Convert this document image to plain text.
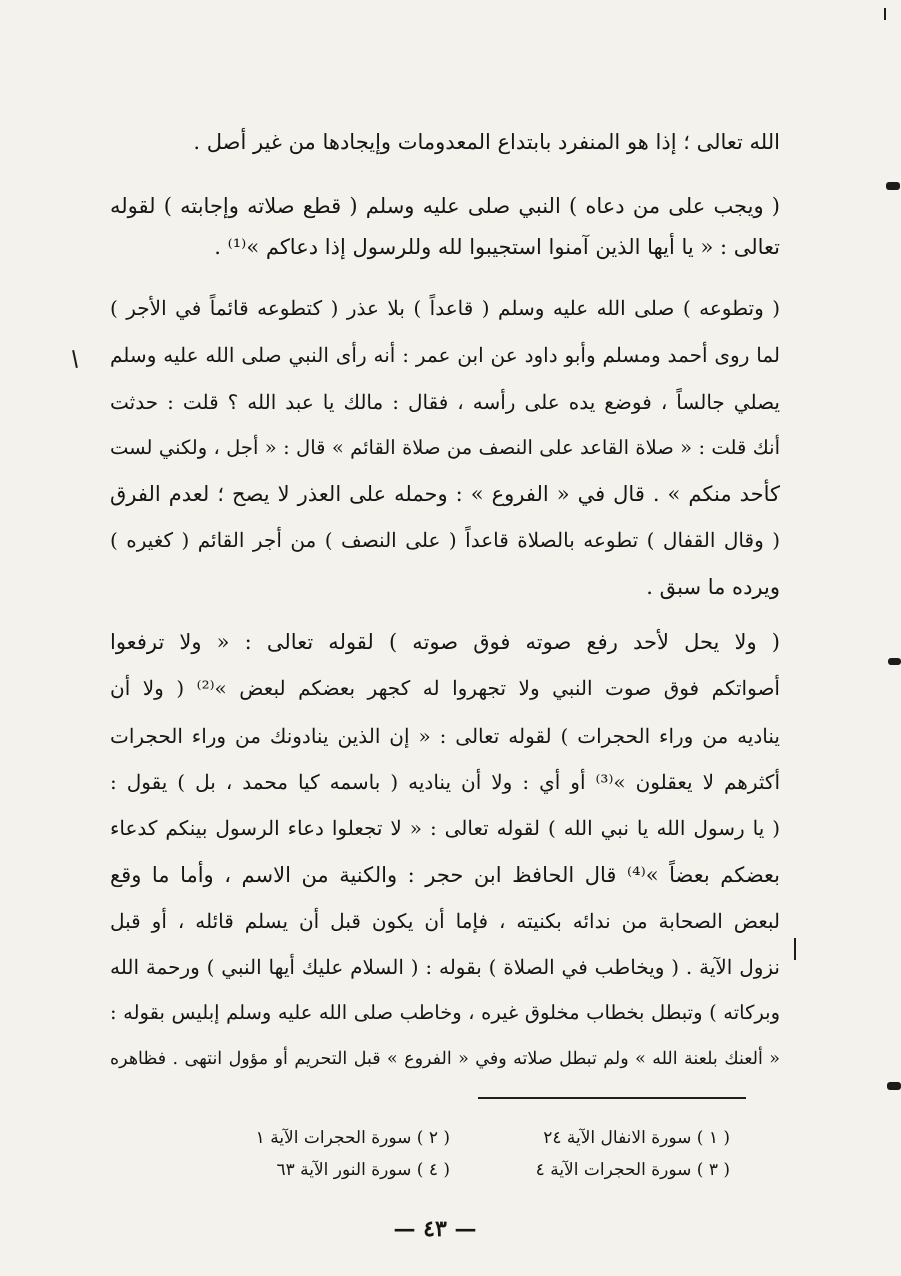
الله تعالى ؛ إذا هو المنفرد بابتداع المعدومات وإيجادها من غير أصل .
( ويجب على من دعاه ) النبي صلى عليه وسلم ( قطع صلاته وإجابته ) لقوله
تعالى : « يا أيها الذين آمنوا استجيبوا لله وللرسول إذا دعاكم »⁽¹⁾ .
( وتطوعه ) صلى الله عليه وسلم ( قاعداً ) بلا عذر ( كتطوعه قائماً في الأجر )
لما روى أحمد ومسلم وأبو داود عن ابن عمر : أنه رأى النبي صلى الله عليه وسلم
يصلي جالساً ، فوضع يده على رأسه ، فقال : مالك يا عبد الله ؟ قلت : حدثت
أنك قلت : « صلاة القاعد على النصف من صلاة القائم » قال : « أجل ، ولكني لست
كأحد منكم » . قال في « الفروع » : وحمله على العذر لا يصح ؛ لعدم الفرق
( وقال القفال ) تطوعه بالصلاة قاعداً ( على النصف ) من أجر القائم ( كغيره )
ويرده ما سبق .
( ولا يحل لأحد رفع صوته فوق صوته ) لقوله تعالى : « ولا ترفعوا
أصواتكم فوق صوت النبي ولا تجهروا له كجهر بعضكم لبعض »⁽²⁾ ( ولا أن
يناديه من وراء الحجرات ) لقوله تعالى : « إن الذين ينادونك من وراء الحجرات
أكثرهم لا يعقلون »⁽³⁾ أو أي : ولا أن يناديه ( باسمه كيا محمد ، بل ) يقول :
( يا رسول الله يا نبي الله ) لقوله تعالى : « لا تجعلوا دعاء الرسول بينكم كدعاء
بعضكم بعضاً »⁽⁴⁾ قال الحافظ ابن حجر : والكنية من الاسم ، وأما ما وقع
لبعض الصحابة من ندائه بكنيته ، فإما أن يكون قبل أن يسلم قائله ، أو قبل
نزول الآية . ( ويخاطب في الصلاة ) بقوله : ( السلام عليك أيها النبي ) ورحمة الله
وبركاته ) وتبطل بخطاب مخلوق غيره ، وخاطب صلى الله عليه وسلم إبليس بقوله :
« ألعنك بلعنة الله » ولم تبطل صلاته وفي « الفروع » قبل التحريم أو مؤول انتهى . فظاهره
( ١ ) سورة الانفال الآية ٢٤
( ٢ ) سورة الحجرات الآية ١
( ٣ ) سورة الحجرات الآية ٤
( ٤ ) سورة النور الآية ٦٣
— ٤٣ —
